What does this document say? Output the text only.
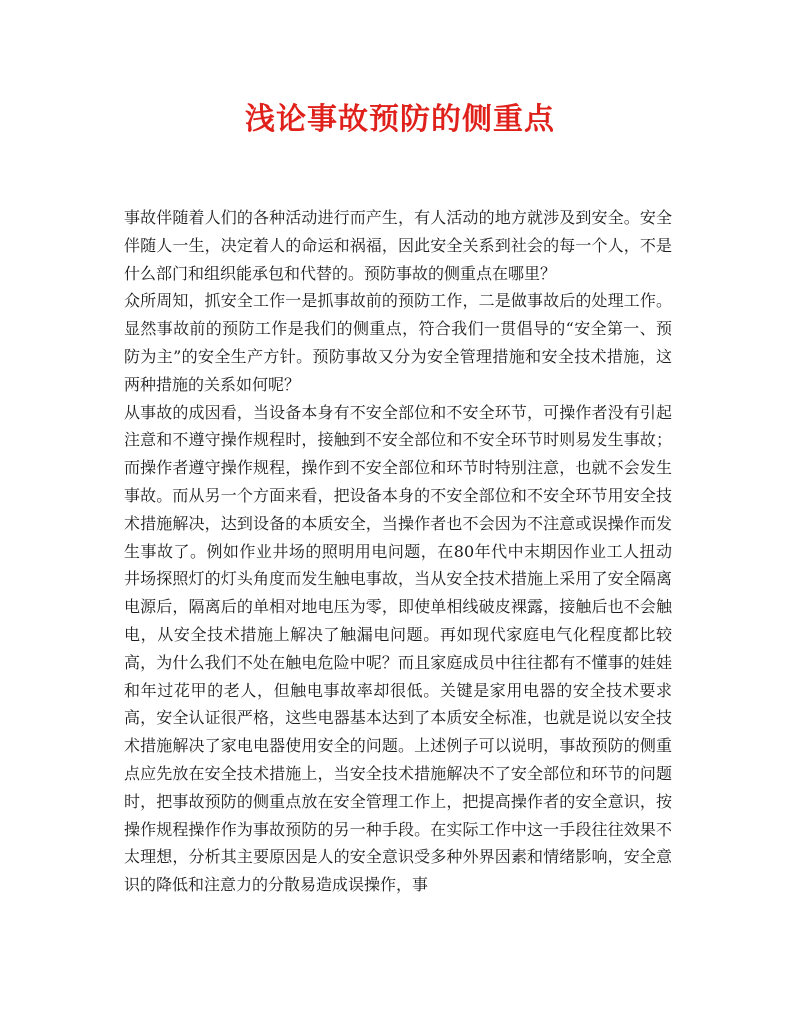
浅论事故预防的侧重点

事故伴随着人们的各种活动进行而产生，有人活动的地方就涉及到安全。安全伴随人一生，决定着人的命运和祸福，因此安全关系到社会的每一个人，不是什么部门和组织能承包和代替的。预防事故的侧重点在哪里？

众所周知，抓安全工作一是抓事故前的预防工作，二是做事故后的处理工作。显然事故前的预防工作是我们的侧重点，符合我们一贯倡导的“安全第一、预防为主”的安全生产方针。预防事故又分为安全管理措施和安全技术措施，这两种措施的关系如何呢？

从事故的成因看，当设备本身有不安全部位和不安全环节，可操作者没有引起注意和不遵守操作规程时，接触到不安全部位和不安全环节时则易发生事故；而操作者遵守操作规程，操作到不安全部位和环节时特别注意，也就不会发生事故。而从另一个方面来看，把设备本身的不安全部位和不安全环节用安全技术措施解决，达到设备的本质安全，当操作者也不会因为不注意或误操作而发生事故了。例如作业井场的照明用电问题，在80年代中末期因作业工人扭动井场探照灯的灯头角度而发生触电事故，当从安全技术措施上采用了安全隔离电源后，隔离后的单相对地电压为零，即使单相线破皮裸露，接触后也不会触电，从安全技术措施上解决了触漏电问题。再如现代家庭电气化程度都比较高，为什么我们不处在触电危险中呢？而且家庭成员中往往都有不懂事的娃娃和年过花甲的老人，但触电事故率却很低。关键是家用电器的安全技术要求高，安全认证很严格，这些电器基本达到了本质安全标准，也就是说以安全技术措施解决了家电电器使用安全的问题。上述例子可以说明，事故预防的侧重点应先放在安全技术措施上，当安全技术措施解决不了安全部位和环节的问题时，把事故预防的侧重点放在安全管理工作上，把提高操作者的安全意识，按操作规程操作作为事故预防的另一种手段。在实际工作中这一手段往往效果不太理想，分析其主要原因是人的安全意识受多种外界因素和情绪影响，安全意识的降低和注意力的分散易造成误操作，事
